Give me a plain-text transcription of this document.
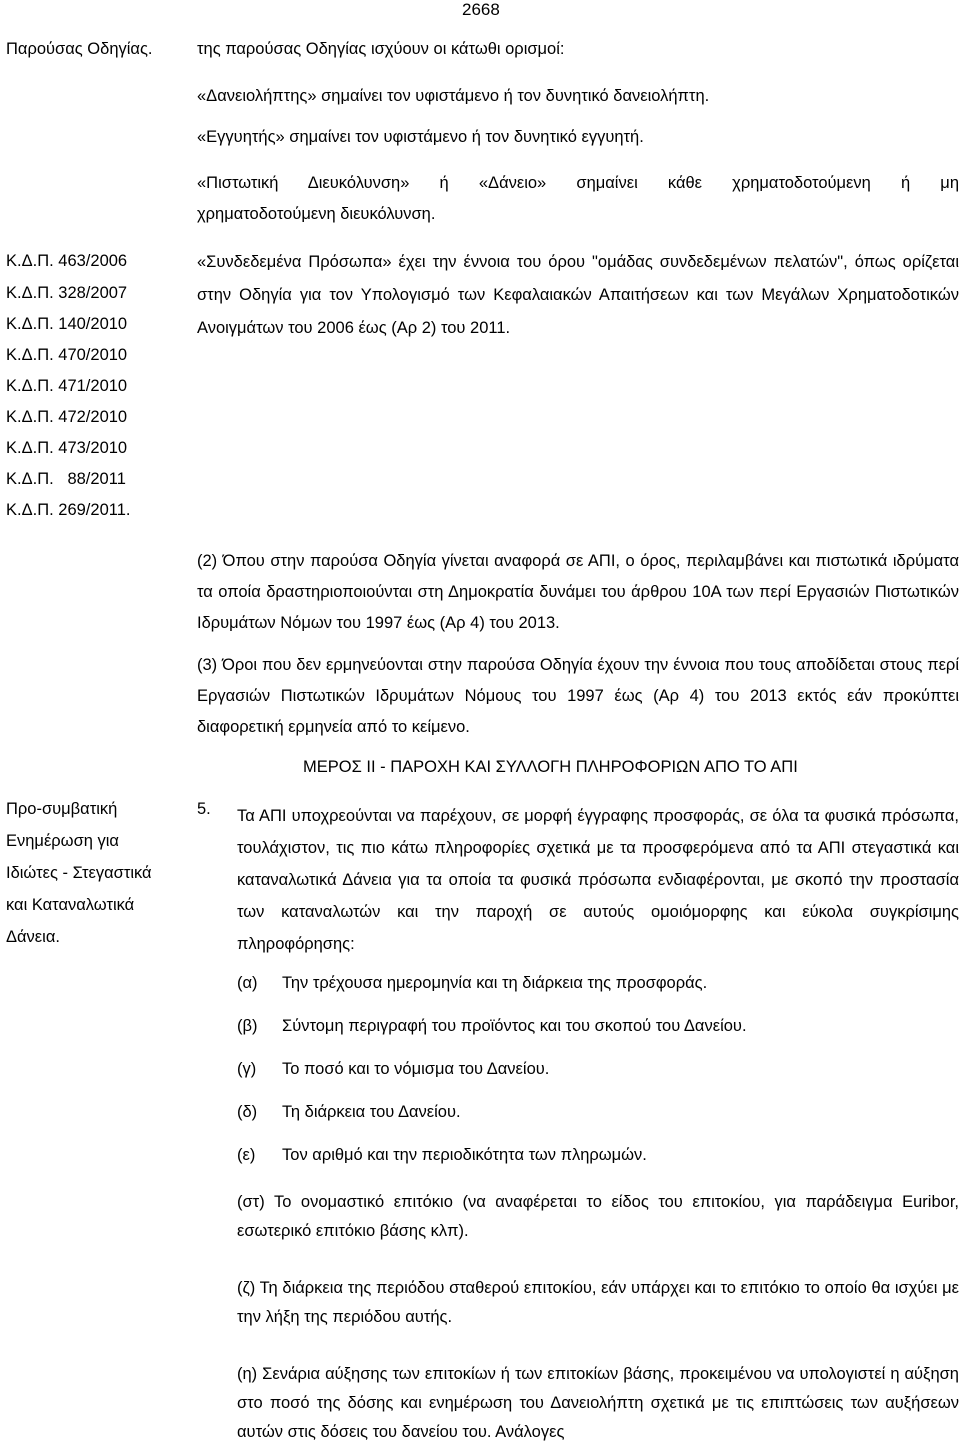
2668
Παρούσας Οδηγίας.	της παρούσας Οδηγίας ισχύουν οι κάτωθι ορισμοί:
«Δανειολήπτης» σημαίνει τον υφιστάμενο ή τον δυνητικό δανειολήπτη.
«Εγγυητής» σημαίνει τον υφιστάμενο ή τον δυνητικό εγγυητή.
«Πιστωτική Διευκόλυνση» ή «Δάνειο» σημαίνει κάθε χρηματοδοτούμενη ή μη
χρηματοδοτούμενη διευκόλυνση.
«Συνδεδεμένα Πρόσωπα» έχει την έννοια του όρου "ομάδας συνδεδεμένων πελατών", όπως ορίζεται στην Οδηγία για τον Υπολογισμό των Κεφαλαιακών Απαιτήσεων και των Μεγάλων Χρηματοδοτικών Ανοιγμάτων του 2006 έως (Αρ 2) του 2011.
Κ.Δ.Π. 463/2006
Κ.Δ.Π. 328/2007
Κ.Δ.Π. 140/2010
Κ.Δ.Π. 470/2010
Κ.Δ.Π. 471/2010
Κ.Δ.Π. 472/2010
Κ.Δ.Π. 473/2010
Κ.Δ.Π.   88/2011
Κ.Δ.Π. 269/2011.
(2) Όπου στην παρούσα Οδηγία γίνεται αναφορά σε ΑΠΙ, ο όρος, περιλαμβάνει και πιστωτικά ιδρύματα τα οποία δραστηριοποιούνται στη Δημοκρατία δυνάμει του άρθρου 10Α των περί Εργασιών Πιστωτικών Ιδρυμάτων Νόμων του 1997 έως (Αρ 4) του 2013.
(3) Όροι που δεν ερμηνεύονται στην παρούσα Οδηγία έχουν την έννοια που τους αποδίδεται στους περί Εργασιών Πιστωτικών Ιδρυμάτων Νόμους του 1997 έως (Αρ 4) του 2013 εκτός εάν προκύπτει διαφορετική ερμηνεία από το κείμενο.
ΜΕΡΟΣ ΙΙ - ΠΑΡΟΧΗ ΚΑΙ ΣΥΛΛΟΓΗ ΠΛΗΡΟΦΟΡΙΩΝ ΑΠΟ ΤΟ ΑΠΙ
Προ-συμβατική
Ενημέρωση για
Ιδιώτες - Στεγαστικά
και Καταναλωτικά
Δάνεια.
5. Τα ΑΠΙ υποχρεούνται να παρέχουν, σε μορφή έγγραφης προσφοράς, σε όλα τα φυσικά πρόσωπα, τουλάχιστον, τις πιο κάτω πληροφορίες σχετικά με τα προσφερόμενα από τα ΑΠΙ στεγαστικά και καταναλωτικά Δάνεια για τα οποία τα φυσικά πρόσωπα ενδιαφέρονται, με σκοπό την προστασία των καταναλωτών και την παροχή σε αυτούς ομοιόμορφης και εύκολα συγκρίσιμης πληροφόρησης:
(α) Την τρέχουσα ημερομηνία και τη διάρκεια της προσφοράς.
(β) Σύντομη περιγραφή του προϊόντος και του σκοπού του Δανείου.
(γ) Το ποσό και το νόμισμα του Δανείου.
(δ) Τη διάρκεια του Δανείου.
(ε) Τον αριθμό και την περιοδικότητα των πληρωμών.
(στ) Το ονομαστικό επιτόκιο (να αναφέρεται το είδος του επιτοκίου, για παράδειγμα Euribor, εσωτερικό επιτόκιο βάσης κλπ).
(ζ) Τη διάρκεια της περιόδου σταθερού επιτοκίου, εάν υπάρχει και το επιτόκιο το οποίο θα ισχύει με την λήξη της περιόδου αυτής.
(η) Σενάρια αύξησης των επιτοκίων ή των επιτοκίων βάσης, προκειμένου να υπολογιστεί η αύξηση στο ποσό της δόσης και ενημέρωση του Δανειολήπτη σχετικά με τις επιπτώσεις των αυξήσεων αυτών στις δόσεις του δανείου του. Ανάλογες
